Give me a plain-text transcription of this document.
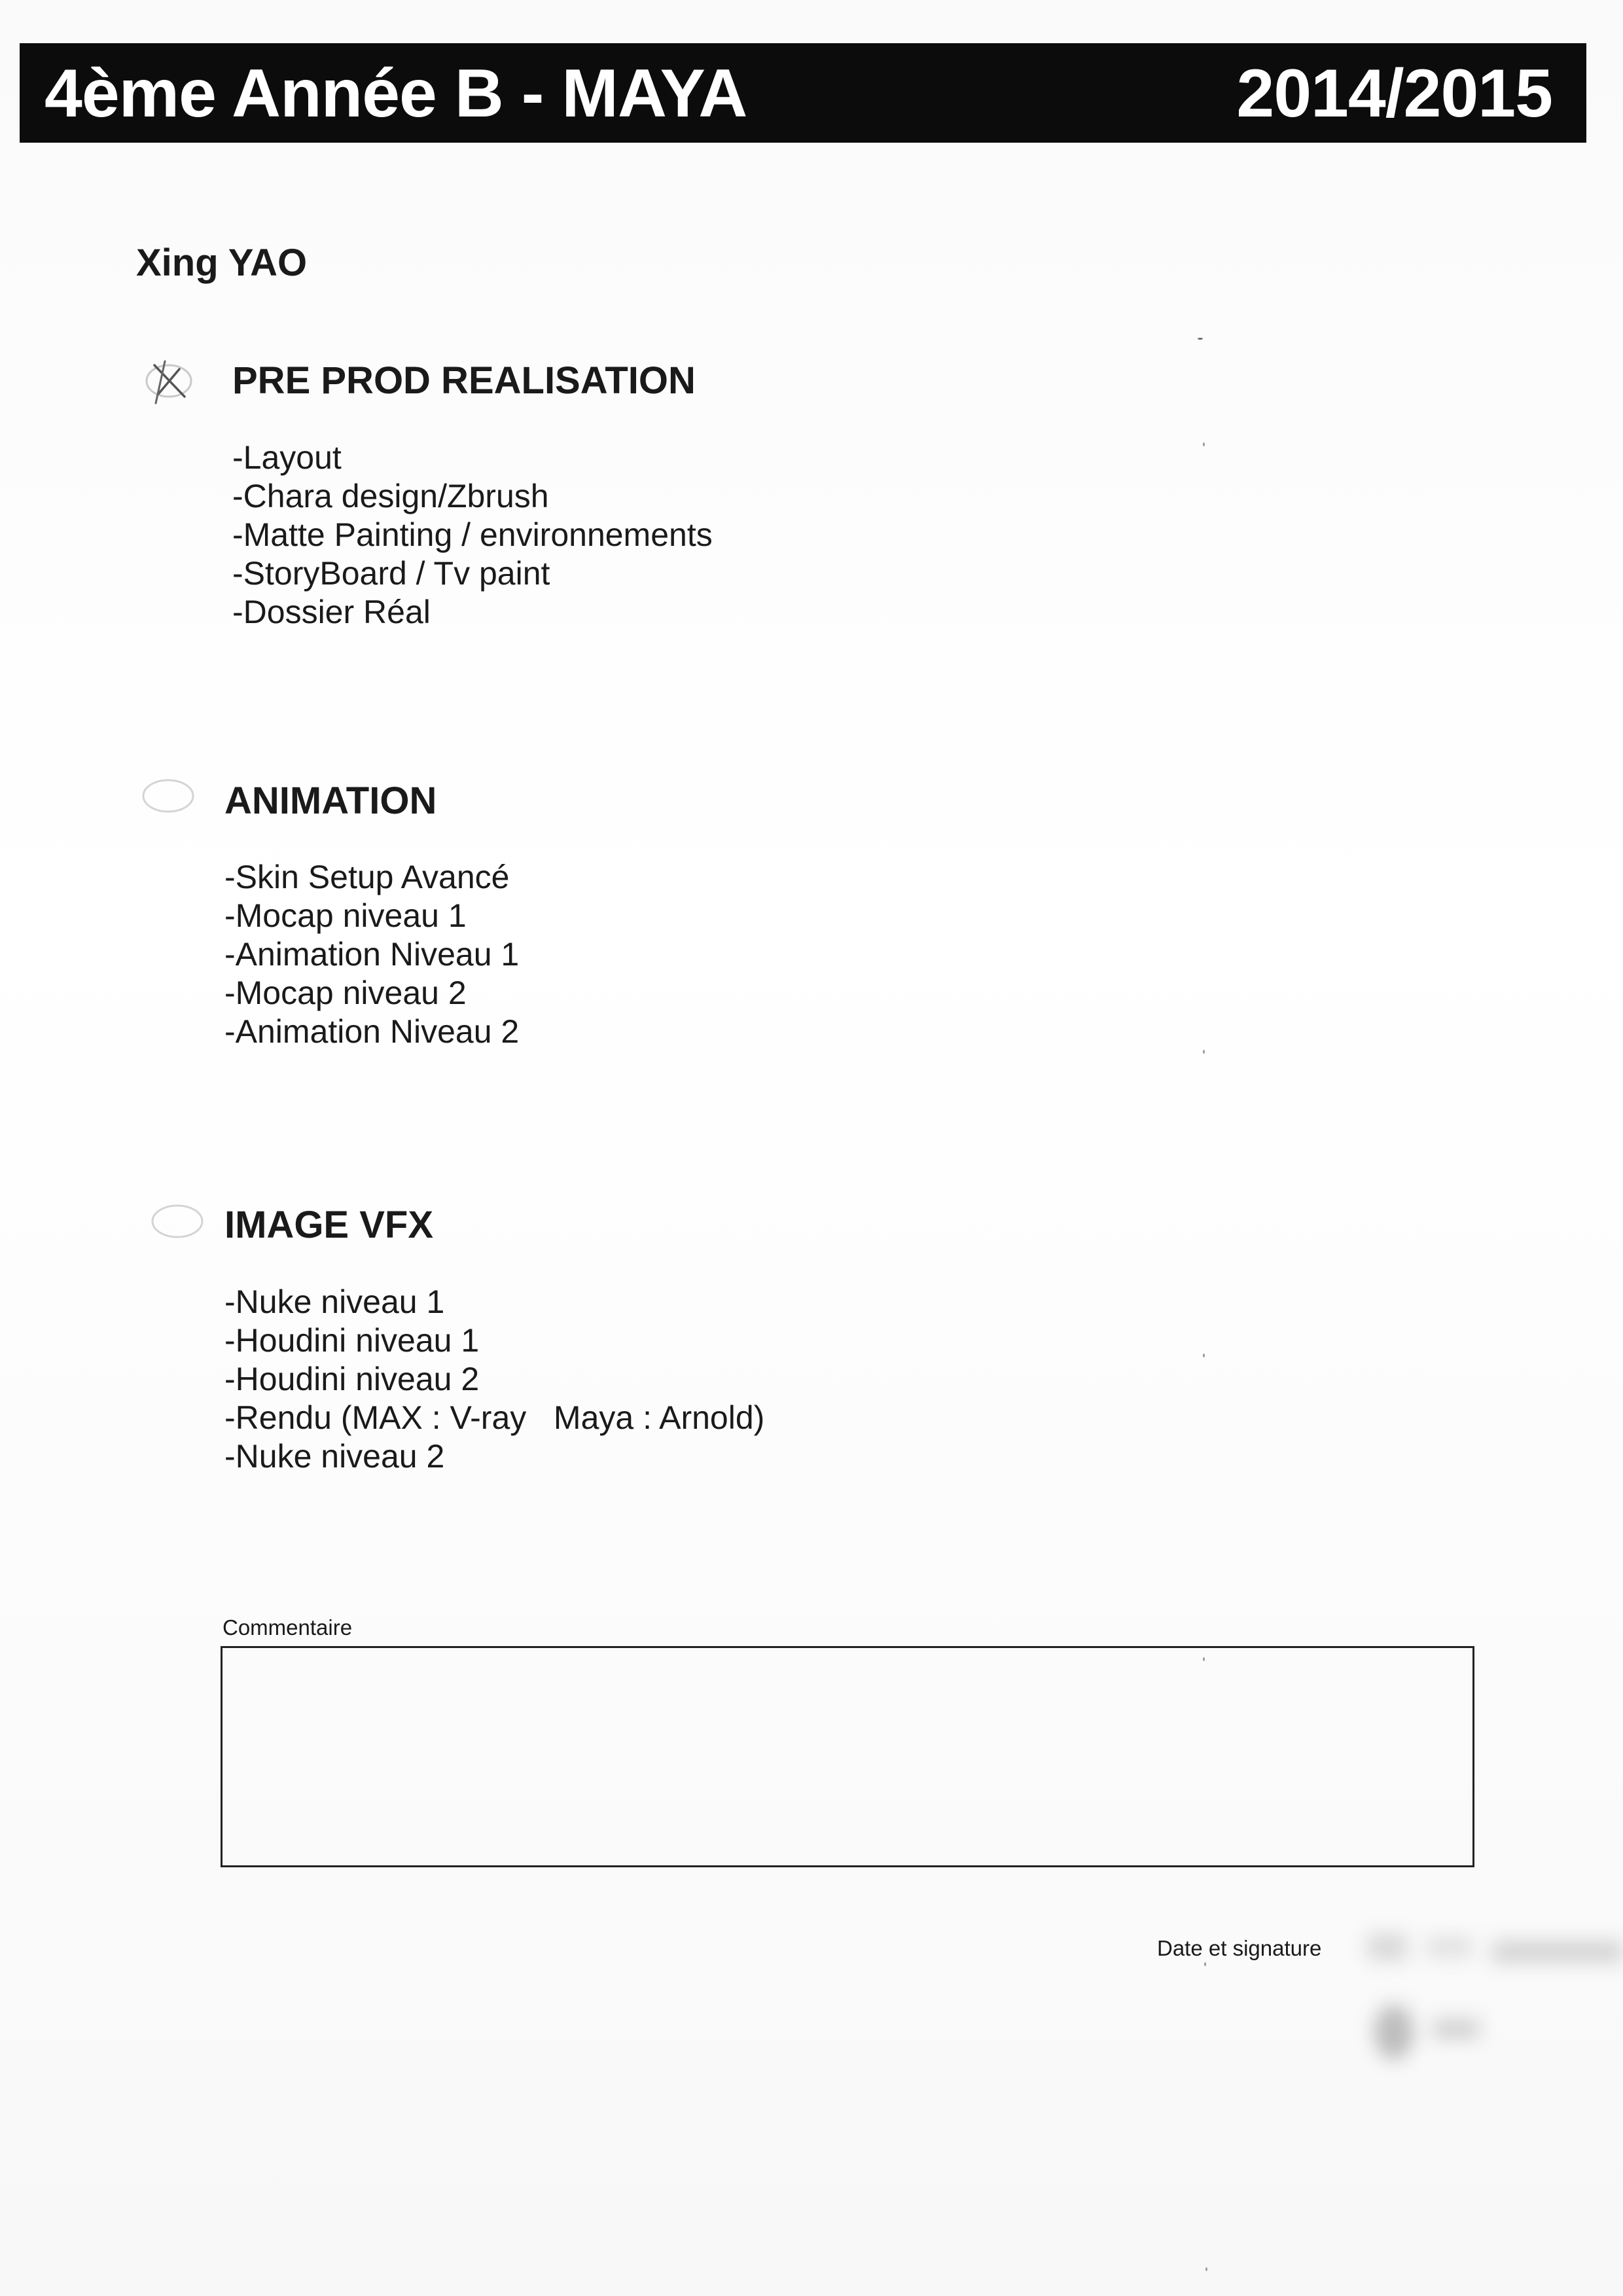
4ème Année B - MAYA	2014/2015
Xing YAO
PRE PROD REALISATION
-Layout
-Chara design/Zbrush
-Matte Painting / environnements
-StoryBoard / Tv paint
-Dossier Réal
ANIMATION
-Skin Setup Avancé
-Mocap niveau 1
-Animation Niveau 1
-Mocap niveau 2
-Animation Niveau 2
IMAGE VFX
-Nuke niveau 1
-Houdini niveau 1
-Houdini niveau 2
-Rendu (MAX : V-ray   Maya : Arnold)
-Nuke niveau 2
Commentaire
Date et signature
